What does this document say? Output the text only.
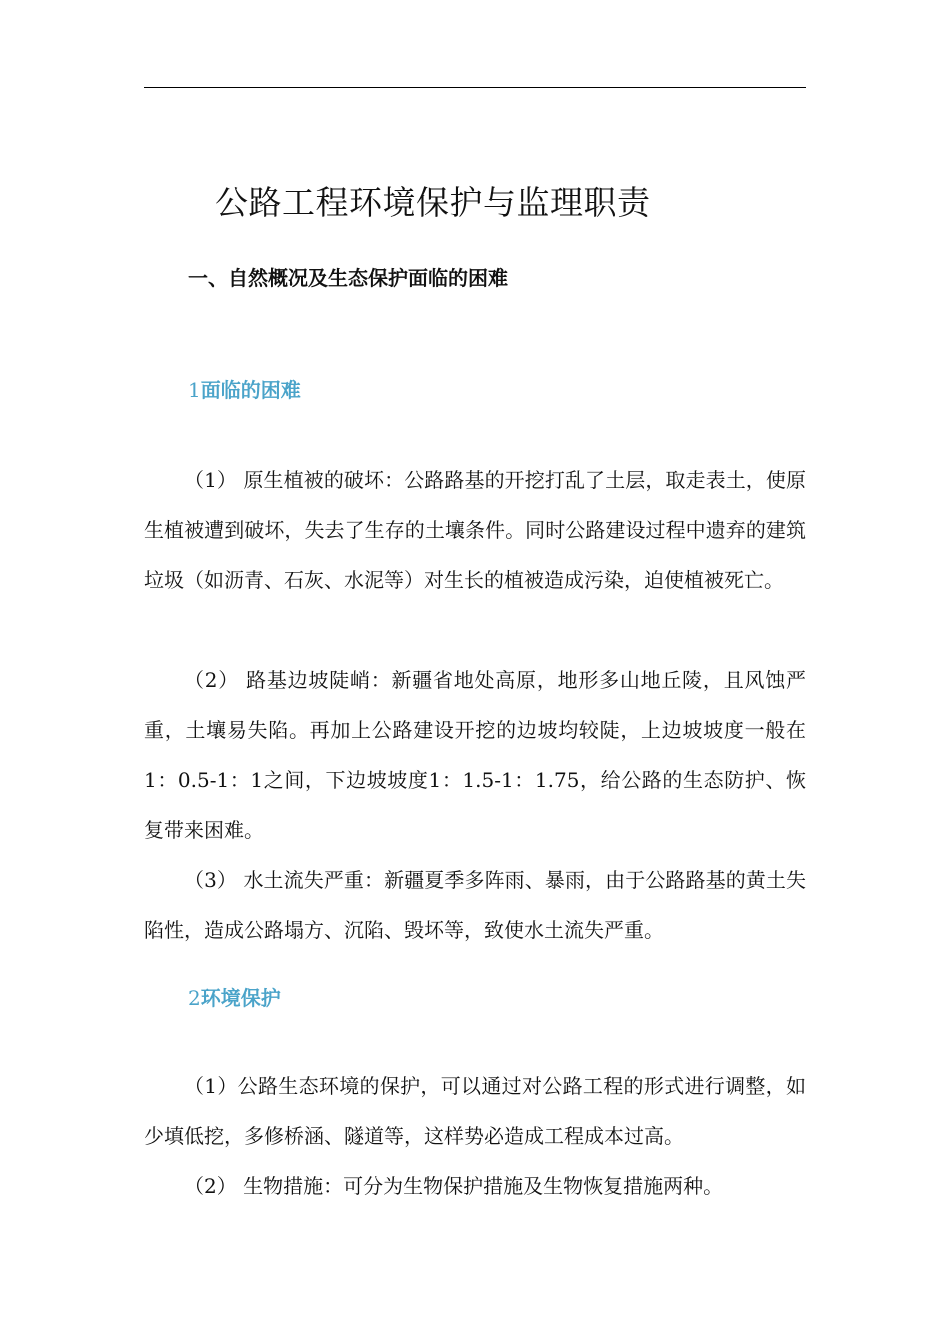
公路工程环境保护与监理职责
一、自然概况及生态保护面临的困难
1面临的困难

（1） 原生植被的破坏：公路路基的开挖打乱了土层，取走表土，使原生植被遭到破坏，失去了生存的土壤条件。同时公路建设过程中遗弃的建筑垃圾（如沥青、石灰、水泥等）对生长的植被造成污染，迫使植被死亡。

（2） 路基边坡陡峭：新疆省地处高原，地形多山地丘陵，且风蚀严重，土壤易失陷。再加上公路建设开挖的边坡均较陡，上边坡坡度一般在1：0.5-1：1之间，下边坡坡度1：1.5-1：1.75，给公路的生态防护、恢复带来困难。

（3） 水土流失严重：新疆夏季多阵雨、暴雨，由于公路路基的黄土失陷性，造成公路塌方、沉陷、毁坏等，致使水土流失严重。

2环境保护

（1）公路生态环境的保护，可以通过对公路工程的形式进行调整，如少填低挖，多修桥涵、隧道等，这样势必造成工程成本过高。

（2） 生物措施：可分为生物保护措施及生物恢复措施两种。
